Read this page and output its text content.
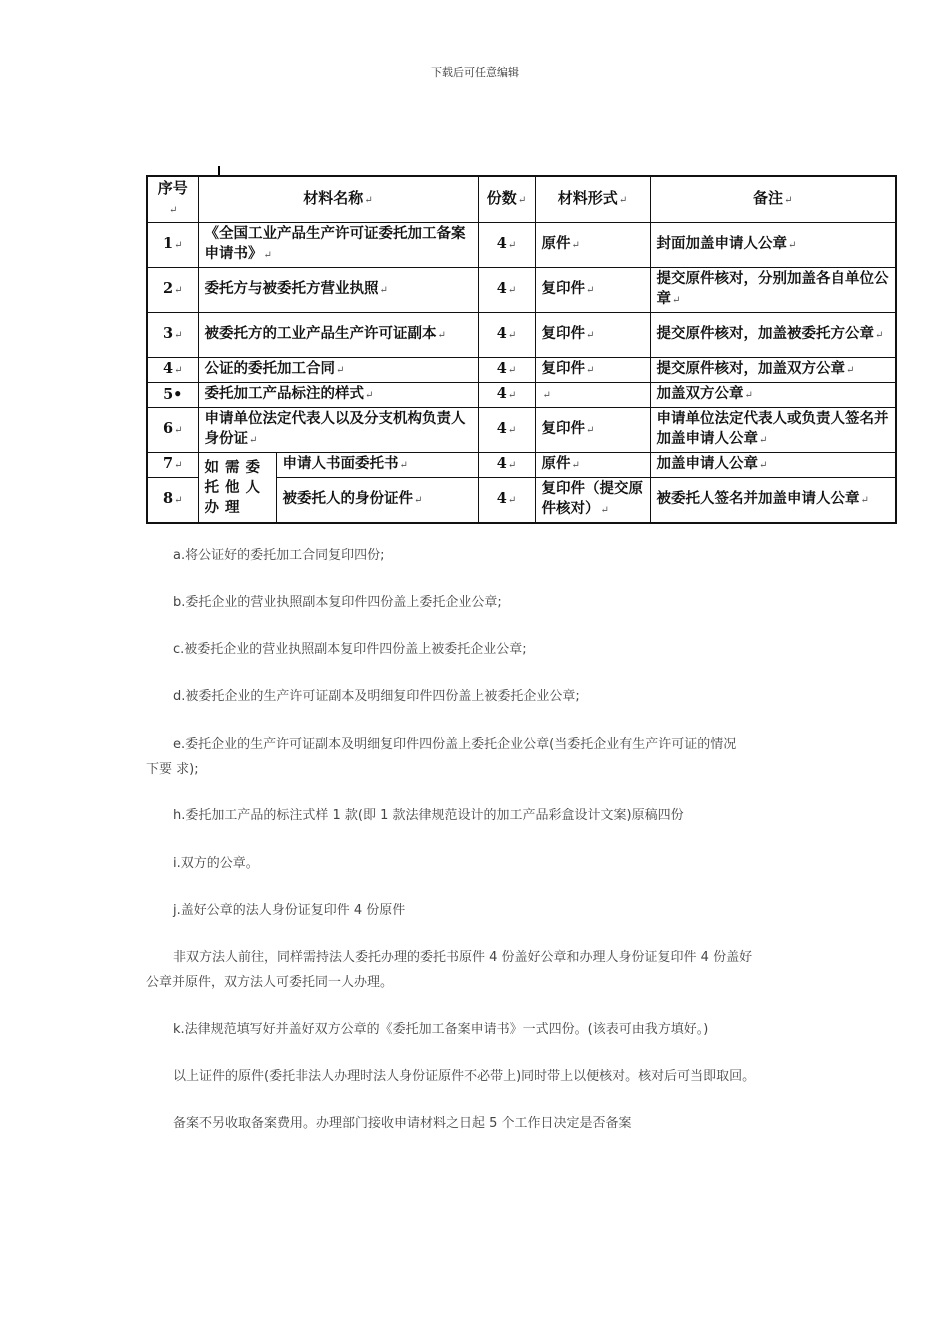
下载后可任意编辑
序号↵	材料名称↵		份数↵	材料形式↵	备注↵
1↵	《全国工业产品生产许可证委托加工备案申请书》↵		4↵	原件↵	封面加盖申请人公章↵
2↵	委托方与被委托方营业执照↵		4↵	复印件↵	提交原件核对，分别加盖各自单位公章↵
3↵	被委托方的工业产品生产许可证副本↵		4↵	复印件↵	提交原件核对，加盖被委托方公章↵
4↵	公证的委托加工合同↵		4↵	复印件↵	提交原件核对，加盖双方公章↵
5•	委托加工产品标注的样式↵		4↵	↵	加盖双方公章↵
6↵	申请单位法定代表人以及分支机构负责人身份证↵		4↵	复印件↵	申请单位法定代表人或负责人签名并加盖申请人公章↵
7↵	如需委托他人办理	申请人书面委托书↵	4↵	原件↵	加盖申请人公章↵
8↵		被委托人的身份证件↵	4↵	复印件（提交原件核对）↵	被委托人签名并加盖申请人公章↵
a.将公证好的委托加工合同复印四份;
b.委托企业的营业执照副本复印件四份盖上委托企业公章;
c.被委托企业的营业执照副本复印件四份盖上被委托企业公章;
d.被委托企业的生产许可证副本及明细复印件四份盖上被委托企业公章;
e.委托企业的生产许可证副本及明细复印件四份盖上委托企业公章(当委托企业有生产许可证的情况
下要 求);
h.委托加工产品的标注式样 1 款(即 1 款法律规范设计的加工产品彩盒设计文案)原稿四份
i.双方的公章。
j.盖好公章的法人身份证复印件 4 份原件
非双方法人前往，同样需持法人委托办理的委托书原件 4 份盖好公章和办理人身份证复印件 4 份盖好
公章并原件，双方法人可委托同一人办理。
k.法律规范填写好并盖好双方公章的《委托加工备案申请书》一式四份。(该表可由我方填好。)
以上证件的原件(委托非法人办理时法人身份证原件不必带上)同时带上以便核对。核对后可当即取回。
备案不另收取备案费用。办理部门接收申请材料之日起 5 个工作日决定是否备案
